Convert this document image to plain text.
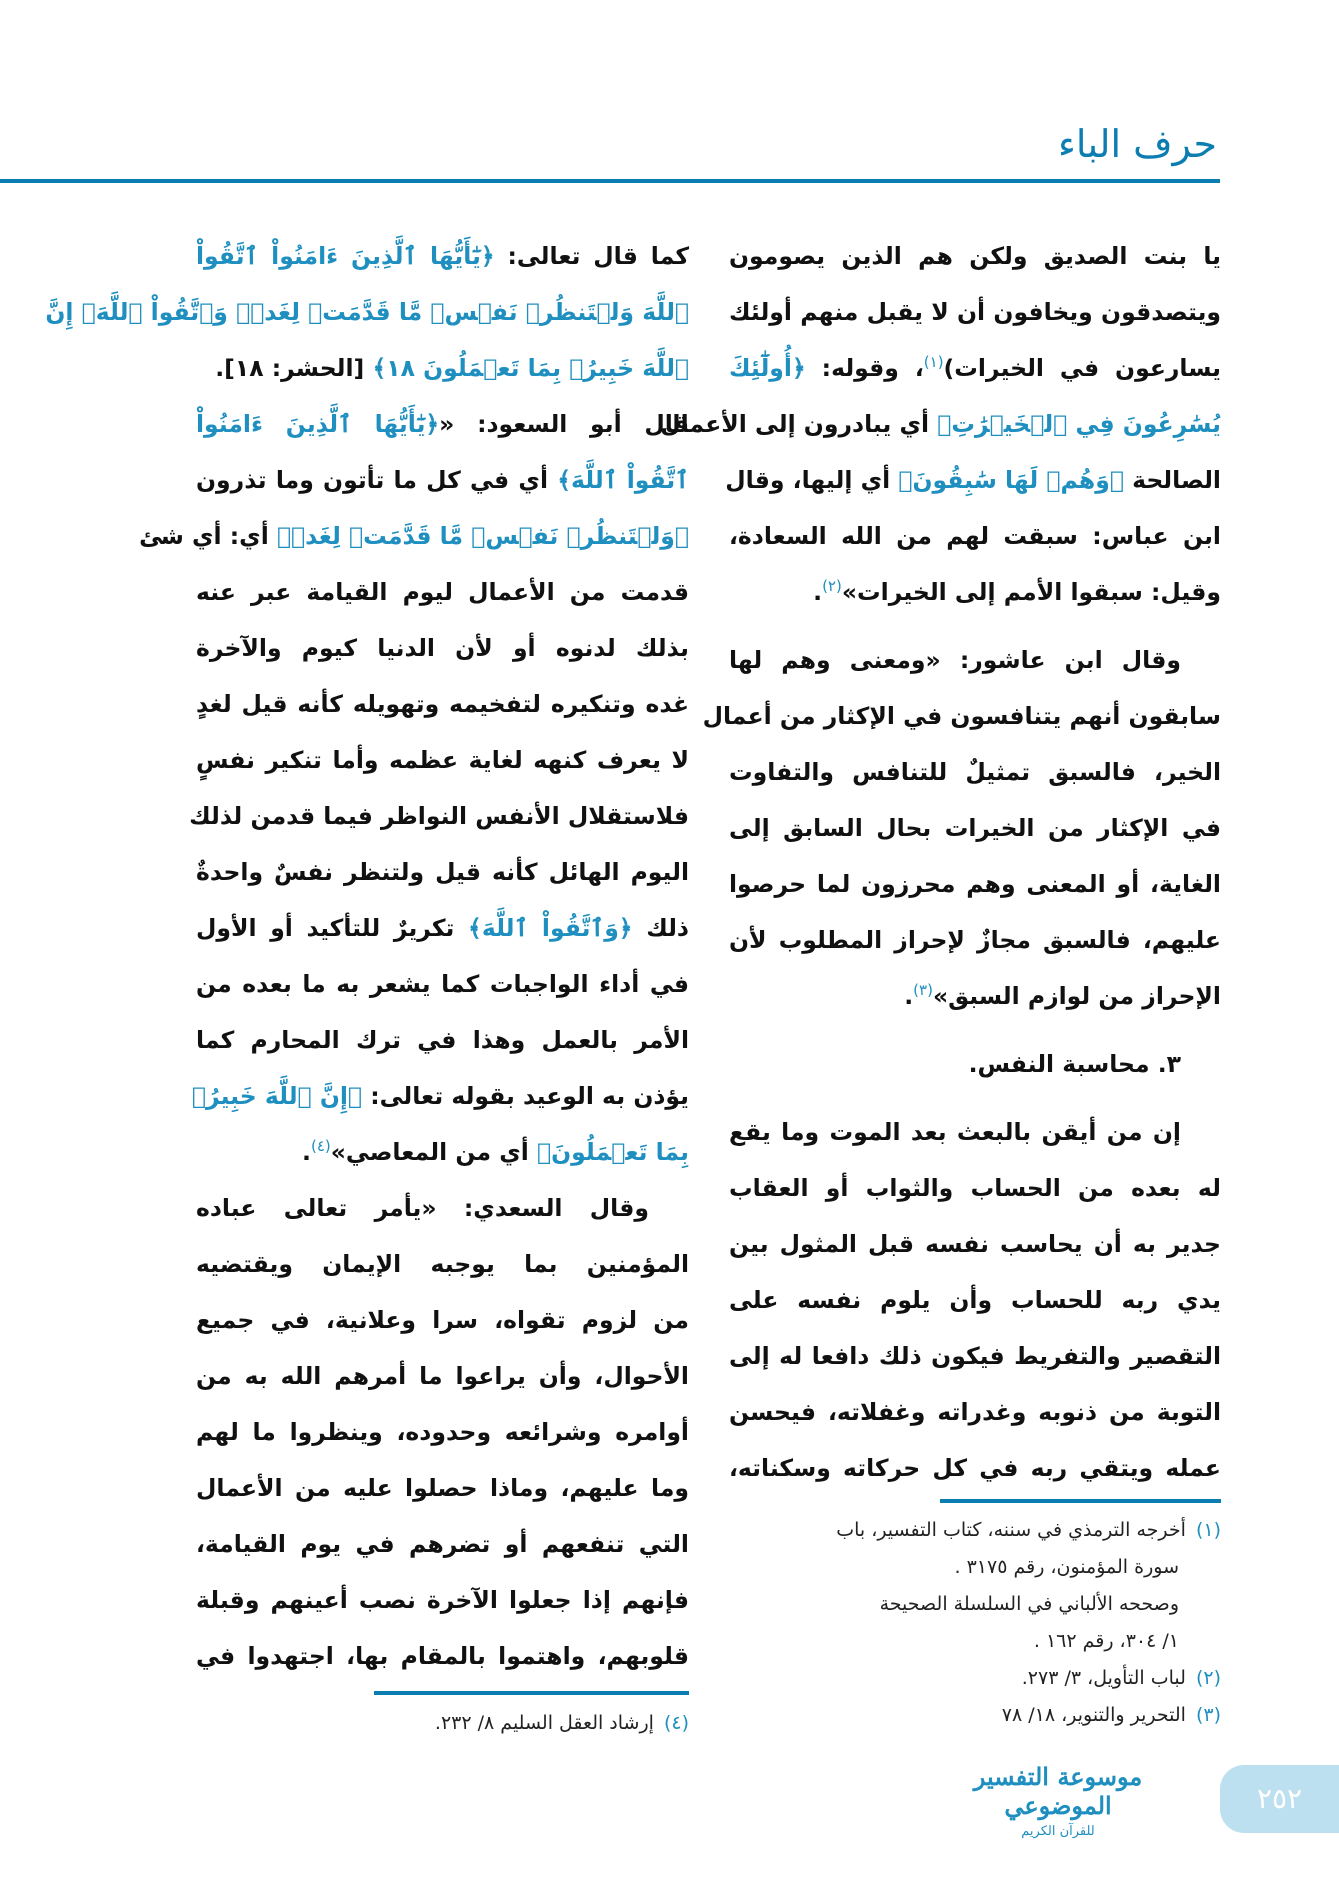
حرف الباء
يا بنت الصديق ولكن هم الذين يصومون
ويتصدقون ويخافون أن لا يقبل منهم أولئك
يسارعون في الخيرات)$^{(١)}$، وقوله: ﴿أُولَٰٓئِكَ
يُسَٰرِعُونَ فِي ٱلۡخَيۡرَٰتِ﴾ أي يبادرون إلى الأعمال
الصالحة ﴿وَهُمۡ لَهَا سَٰبِقُونَ﴾ أي إليها، وقال
ابن عباس: سبقت لهم من الله السعادة،
وقيل: سبقوا الأمم إلى الخيرات»$^{(٢)}$.
وقال ابن عاشور: «ومعنى وهم لها
سابقون أنهم يتنافسون في الإكثار من أعمال
الخير، فالسبق تمثيلٌ للتنافس والتفاوت
في الإكثار من الخيرات بحال السابق إلى
الغاية، أو المعنى وهم محرزون لما حرصوا
عليهم، فالسبق مجازٌ لإحراز المطلوب لأن
الإحراز من لوازم السبق»$^{(٣)}$.
٣. محاسبة النفس.
إن من أيقن بالبعث بعد الموت وما يقع
له بعده من الحساب والثواب أو العقاب
جدير به أن يحاسب نفسه قبل المثول بين
يدي ربه للحساب وأن يلوم نفسه على
التقصير والتفريط فيكون ذلك دافعا له إلى
التوبة من ذنوبه وغدراته وغفلاته، فيحسن
عمله ويتقي ربه في كل حركاته وسكناته،
كما قال تعالى: ﴿يَٰٓأَيُّهَا ٱلَّذِينَ ءَامَنُواْ ٱتَّقُواْ
ٱللَّهَ وَلۡتَنظُرۡ نَفۡسٞ مَّا قَدَّمَتۡ لِغَدٖۖ وَٱتَّقُواْ ٱللَّهَۚ إِنَّ
ٱللَّهَ خَبِيرُۢ بِمَا تَعۡمَلُونَ ١٨﴾ [الحشر: ١٨].
قال أبو السعود: «﴿يَٰٓأَيُّهَا ٱلَّذِينَ ءَامَنُواْ
ٱتَّقُواْ ٱللَّهَ﴾ أي في كل ما تأتون وما تذرون
﴿وَلۡتَنظُرۡ نَفۡسٞ مَّا قَدَّمَتۡ لِغَدٖ﴾ أي: أي شئ
قدمت من الأعمال ليوم القيامة عبر عنه
بذلك لدنوه أو لأن الدنيا كيوم والآخرة
غده وتنكيره لتفخيمه وتهويله كأنه قيل لغدٍ
لا يعرف كنهه لغاية عظمه وأما تنكير نفسٍ
فلاستقلال الأنفس النواظر فيما قدمن لذلك
اليوم الهائل كأنه قيل ولتنظر نفسٌ واحدةٌ
ذلك ﴿وَٱتَّقُواْ ٱللَّهَ﴾ تكريرٌ للتأكيد أو الأول
في أداء الواجبات كما يشعر به ما بعده من
الأمر بالعمل وهذا في ترك المحارم كما
يؤذن به الوعيد بقوله تعالى: ﴿إِنَّ ٱللَّهَ خَبِيرُۢ
بِمَا تَعۡمَلُونَ﴾ أي من المعاصي»$^{(٤)}$.
وقال السعدي: «يأمر تعالى عباده
المؤمنين بما يوجبه الإيمان ويقتضيه
من لزوم تقواه، سرا وعلانية، في جميع
الأحوال، وأن يراعوا ما أمرهم الله به من
أوامره وشرائعه وحدوده، وينظروا ما لهم
وما عليهم، وماذا حصلوا عليه من الأعمال
التي تنفعهم أو تضرهم في يوم القيامة،
فإنهم إذا جعلوا الآخرة نصب أعينهم وقبلة
قلوبهم، واهتموا بالمقام بها، اجتهدوا في
(١)أخرجه الترمذي في سننه، كتاب التفسير، باب
سورة المؤمنون، رقم ٣١٧٥ .
وصححه الألباني في السلسلة الصحيحة
١/ ٣٠٤، رقم ١٦٢ .
(٢)لباب التأويل، ٣/ ٢٧٣.
(٣)التحرير والتنوير، ١٨/ ٧٨
(٤)إرشاد العقل السليم ٨/ ٢٣٢.
موسوعة التفسير الموضوعي
للقرآن الكريم
٢٥٢
